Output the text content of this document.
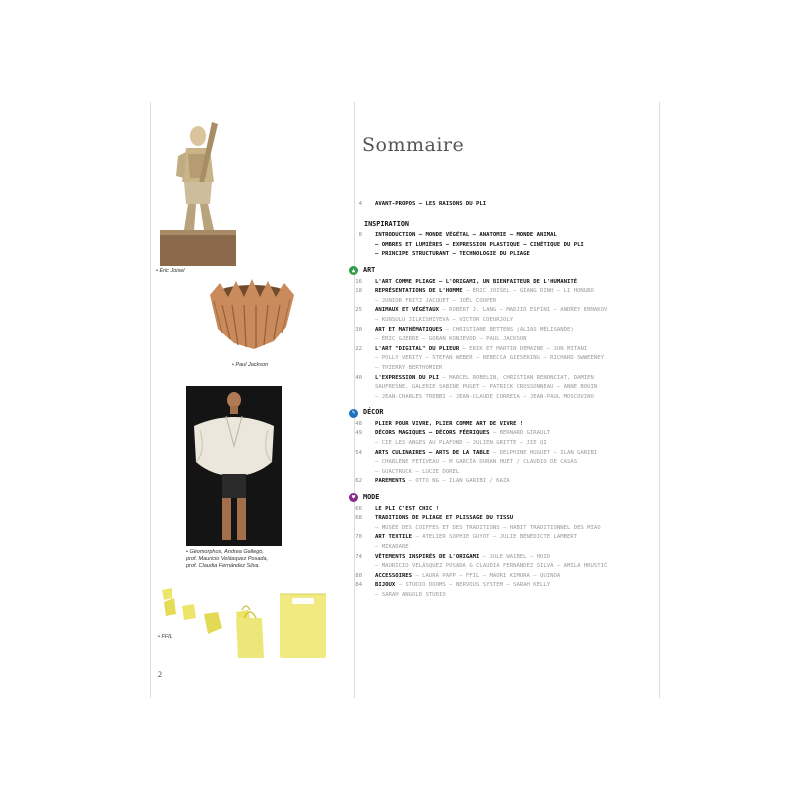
• Éric Joisel
• Paul Jackson
• Géomorphos, Andrea Gallego,
prof. Mauricio Velásquez Posada,
prof. Claudia Fernández Silva.
• FFIL
2
Sommaire
4 AVANT-PROPOS – LES RAISONS DU PLI
INSPIRATION
8 INTRODUCTION – MONDE VÉGÉTAL – ANATOMIE – MONDE ANIMAL
– OMBRES ET LUMIÈRES – EXPRESSION PLASTIQUE – CINÉTIQUE DU PLI
– PRINCIPE STRUCTURANT – TECHNOLOGIE DU PLIAGE
▲	ART
16 L'ART COMME PLIAGE – L'ORIGAMI, UN BIENFAITEUR DE L'HUMANITÉ
18 REPRÉSENTATIONS DE L'HOMME – ÉRIC JOISEL – GIANG DINH – LI HONGBO
– JUNIOR FRITZ JACQUET – JOËL COOPER
25 ANIMAUX ET VÉGÉTAUX – ROBERT J. LANG – MADJID ESFINI – ANDREY ERMAKOV
– KUNSULU JILKISHIYEVA – VICTOR COEURJOLY
30 ART ET MATHÉMATIQUES – CHRISTIANE BETTENS (ALIAS MÉLISANDE)
– ÉRIC GJERDE – GORAN KONJEVOD – PAUL JACKSON
22 L'ART "DIGITAL" DU PLIEUR – ERIK ET MARTIN DEMAINE – JUN MITANI
– POLLY VERITY – STEFAN WEBER – REBECCA GIESEKING – RICHARD SWWEENEY
– THIERRY BERTHOMIER
40 L'EXPRESSION DU PLI – MARCEL ROBELIN, CHRISTIAN RENONCIAT, DAMIEN
SAUFRESNE, GALERIE SABINE PUGET – PATRICK CROSSONNEAU – ANNE BOUIN
– JEAN-CHARLES TREBBI – JEAN-CLAUDE CORREIA – JEAN-PAUL MOSCOVINO
✎	DÉCOR
48 PLIER POUR VIVRE, PLIER COMME ART DE VIVRE !
49 DÉCORS MAGIQUES – DÉCORS FÉERIQUES – BERNARD GIRAULT
– CIE LES ANGES AU PLAFOND – JULIEN GRITTE – JIE QI
54 ARTS CULINAIRES – ARTS DE LA TABLE – DELPHINE HUGUET – ILAN GARIBI
– CHARLÈNE FETIVEAU – M GARCÍA DURAN HUET / CLAUDIO DE CASAS
– GUACTRUCK – LUCIE DOREL
62 PAREMENTS – OTTO NG – ILAN GARIBI / KAZA
♥	MODE
66 LE PLI C'EST CHIC !
68 TRADITIONS DE PLIAGE ET PLISSAGE DU TISSU
– MUSÉE DES COIFFES ET DES TRADITIONS – HABIT TRADITIONNEL DES MIAO
70 ART TEXTILE – ATELIER SOPHIE GUYOT – JULIE BÉNÉDICTE LAMBERT
– MIKADARE
74 VÊTEMENTS INSPIRÉS DE L'ORIGAMI – JULE WAIBEL – HOID
– MAURICIO VELÁSQUEZ POSADA & CLAUDIA FERNÁNDEZ SILVA – AMILA HRUSTIĆ
80 ACCESSOIRES – LAURA PAPP – FFIL – MAORI KIMURA – QUINOA
84 BIJOUX – STUDIO DOOMS – NERVOUS SYSTEM – SARAH KELLY
– SARAH ANGOLD STUDIO
